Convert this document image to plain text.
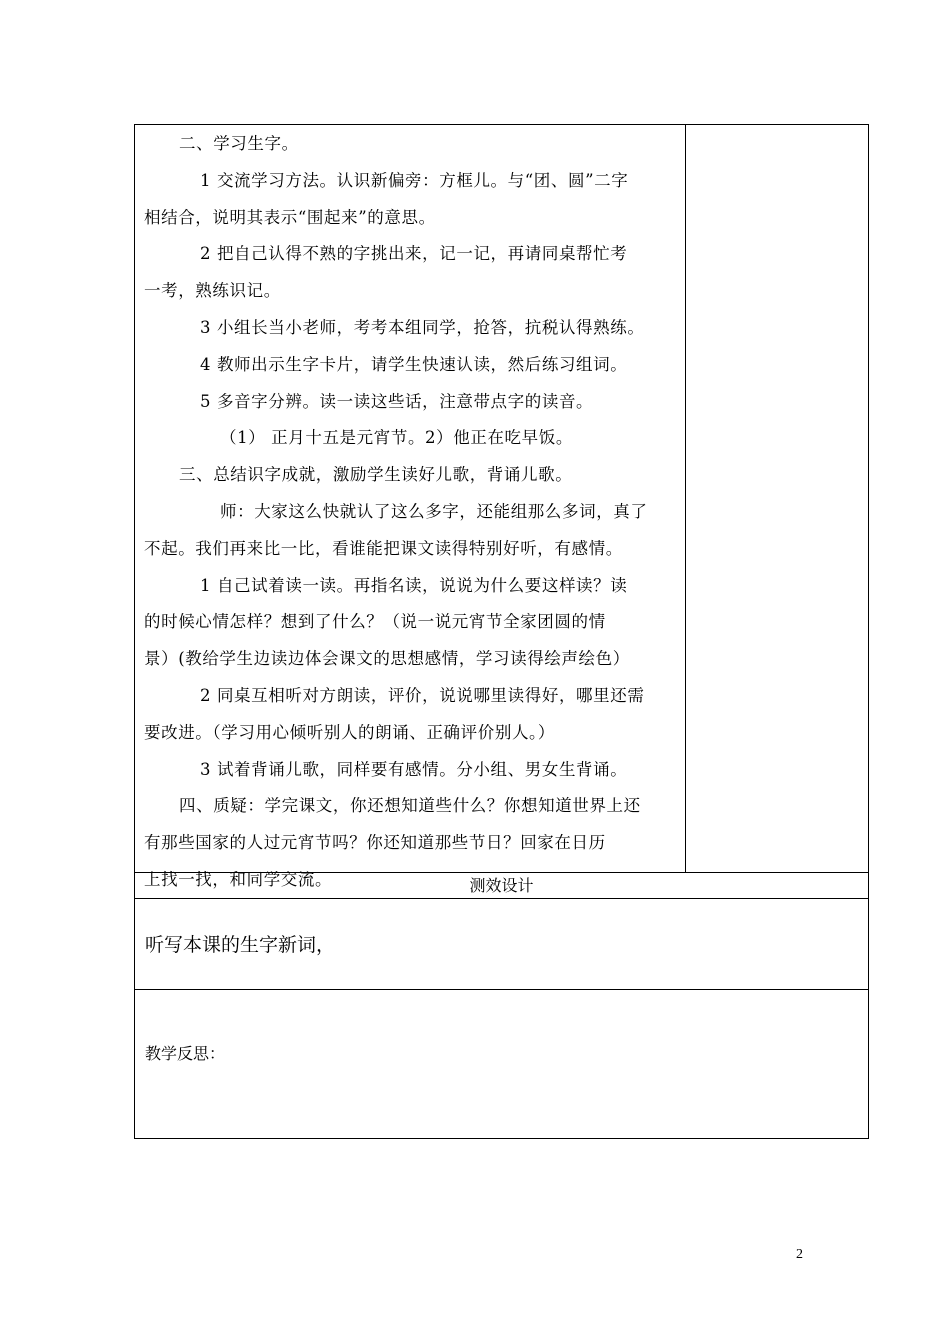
二、学习生字。
1 交流学习方法。认识新偏旁：方框儿。与“团、圆”二字
相结合，说明其表示“围起来”的意思。
2 把自己认得不熟的字挑出来，记一记，再请同桌帮忙考
一考，熟练识记。
3 小组长当小老师，考考本组同学，抢答，抗税认得熟练。
4 教师出示生字卡片，请学生快速认读，然后练习组词。
5 多音字分辨。读一读这些话，注意带点字的读音。
（1） 正月十五是元宵节。2）他正在吃早饭。
三、总结识字成就，激励学生读好儿歌，背诵儿歌。
师：大家这么快就认了这么多字，还能组那么多词，真了
不起。我们再来比一比，看谁能把课文读得特别好听，有感情。
1 自己试着读一读。再指名读，说说为什么要这样读？读
的时候心情怎样？想到了什么？（说一说元宵节全家团圆的情
景）(教给学生边读边体会课文的思想感情，学习读得绘声绘色）
2 同桌互相听对方朗读，评价，说说哪里读得好，哪里还需
要改进。（学习用心倾听别人的朗诵、正确评价别人。）
3 试着背诵儿歌，同样要有感情。分小组、男女生背诵。
四、质疑：学完课文，你还想知道些什么？你想知道世界上还
有那些国家的人过元宵节吗？你还知道那些节日？回家在日历
上找一找，和同学交流。	测效设计
听写本课的生字新词，
教学反思：
2
